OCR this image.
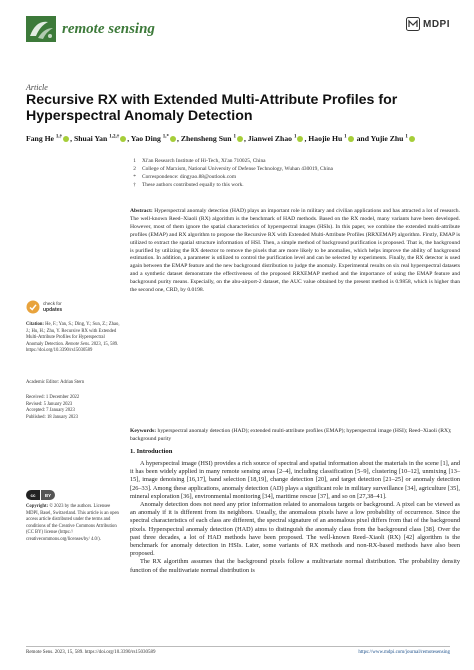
remote sensing	MDPI
Article
Recursive RX with Extended Multi-Attribute Profiles for Hyperspectral Anomaly Detection
Fang He $^{1,\dagger}$ , Shuai Yan $^{1,2,\dagger}$ , Yao Ding $^{1,*}$ , Zhensheng Sun $^1$ , Jianwei Zhao $^1$ , Haojie Hu $^1$ and Yujie Zhu $^1$
1 Xi'an Research Institute of Hi-Tech, Xi'an 710025, China
2 College of Marxism, National University of Defense Technology, Wuhan 430019, China
* Correspondence: dingyao.88@outlook.com
† These authors contributed equally to this work.
Abstract: Hyperspectral anomaly detection (HAD) plays an important role in military and civilian applications and has attracted a lot of research. The well-known Reed–Xiaoli (RX) algorithm is the benchmark of HAD methods. Based on the RX model, many variants have been developed. However, most of them ignore the spatial characteristics of hyperspectral images (HSIs). In this paper, we combine the extended multi-attribute profiles (EMAP) and RX algorithm to propose the Recursive RX with Extended Multi-Attribute Profiles (RRXEMAP) algorithm. Firstly, EMAP is utilized to extract the spatial structure information of HSI. Then, a simple method of background purification is proposed. That is, the background is purified by utilizing the RX detector to remove the pixels that are more likely to be anomalies, which helps improve the ability of background estimation. In addition, a parameter is utilized to control the purification level and can be selected by experiments. Finally, the RX detector is used again between the EMAP feature and the new background distribution to judge the anomaly. Experimental results on six real hyperspectral datasets and a synthetic dataset demonstrate the effectiveness of the proposed RRXEMAP method and the importance of using the EMAP feature and background purity means. Especially, on the abu-airport-2 dataset, the AUC value obtained by the present method is 0.9858, which is higher than the second one, CRD, by 0.0198.
Keywords: hyperspectral anomaly detection (HAD); extended multi-attribute profiles (EMAP); hyperspectral image (HSI); Reed–Xiaoli (RX); background purity
check for
updates
Citation: He, F.; Yan, S.; Ding, Y.; Sun, Z.; Zhao, J.; Hu, H.; Zhu, Y. Recursive RX with Extended Multi-Attribute Profiles for Hyperspectral Anomaly Detection. Remote Sens. 2023, 15, 589. https://doi.org/10.3390/rs15030589
Academic Editor: Adrian Stern
Received: 1 December 2022
Revised: 5 January 2023
Accepted: 7 January 2023
Published: 18 January 2023
cc	BY
Copyright: © 2023 by the authors. Licensee MDPI, Basel, Switzerland. This article is an open access article distributed under the terms and conditions of the Creative Commons Attribution (CC BY) license (https:// creativecommons.org/licenses/by/ 4.0/).
1. Introduction

A hyperspectral image (HSI) provides a rich source of spectral and spatial information about the materials in the scene [1], and it has been widely applied in many remote sensing areas [2–4], including classification [5–9], clustering [10–12], unmixing [13–15], image denoising [16,17], band selection [18,19], change detection [20], and target detection [21–25] or anomaly detection [26–33]. Among these applications, anomaly detection (AD) plays a significant role in military surveillance [34], agriculture [35], mineral exploration [36], environmental monitoring [34], maritime rescue [37], and so on [27,38–41].

Anomaly detection does not need any prior information related to anomalous targets or background. A pixel can be viewed as an anomaly if it is different from its neighbors. Usually, the anomalous pixels have a low probability of occurrence. Since the spectral characteristics of each class are different, the spectral signature of an anomalous pixel differs from that of the background pixels. Hyperspectral anomaly detection (HAD) aims to distinguish the anomaly class from the background class [38]. Over the past three decades, a lot of HAD methods have been proposed. The well-known Reed–Xiaoli (RX) [42] algorithm is the benchmark for anomaly detection in HSIs. Later, some variants of RX methods and non-RX-based methods have also been proposed.

The RX algorithm assumes that the background pixels follow a multivariate normal distribution. The probability density function of the multivariate normal distribution is

Remote Sens. 2023, 15, 589. https://doi.org/10.3390/rs15030589	https://www.mdpi.com/journal/remotesensing
